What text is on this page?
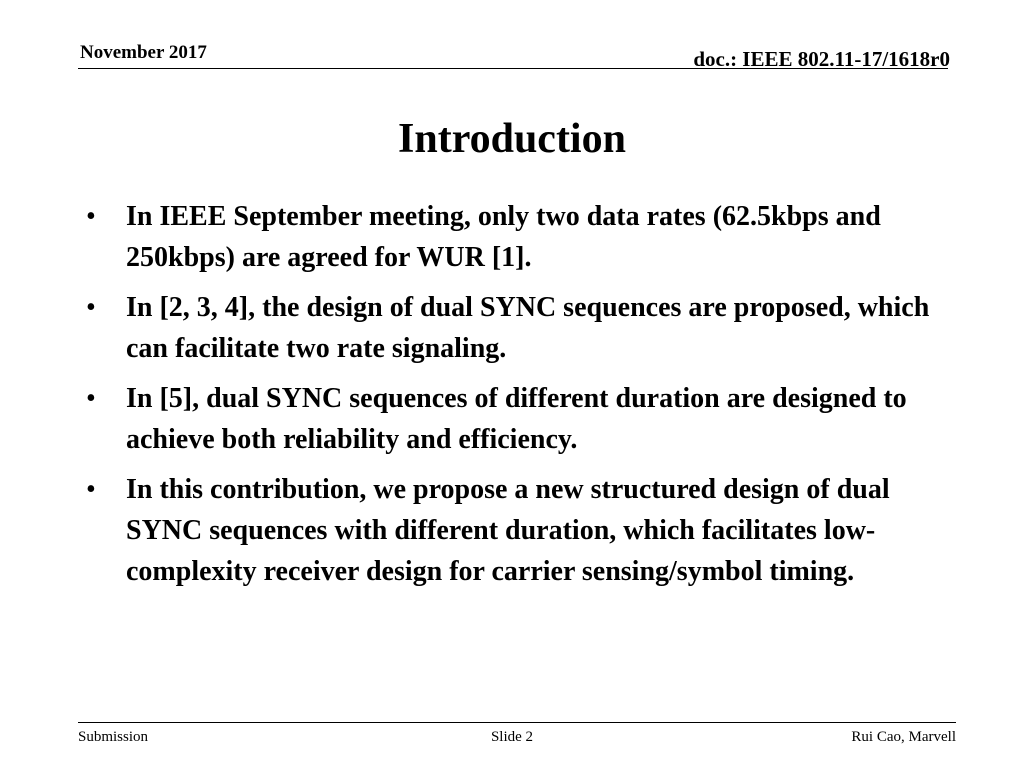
November 2017	doc.: IEEE 802.11-17/1618r0
Introduction
•	In IEEE September meeting, only two data rates (62.5kbps and 250kbps) are agreed for WUR [1].
•	In [2, 3, 4], the design of dual SYNC sequences are proposed, which can facilitate two rate signaling.
•	In [5], dual SYNC sequences of different duration are designed to achieve both reliability and efficiency.
•	In this contribution, we propose a new structured design of dual SYNC sequences with different duration, which facilitates low-complexity receiver design for carrier sensing/symbol timing.
Submission	Slide 2	Rui Cao, Marvell
